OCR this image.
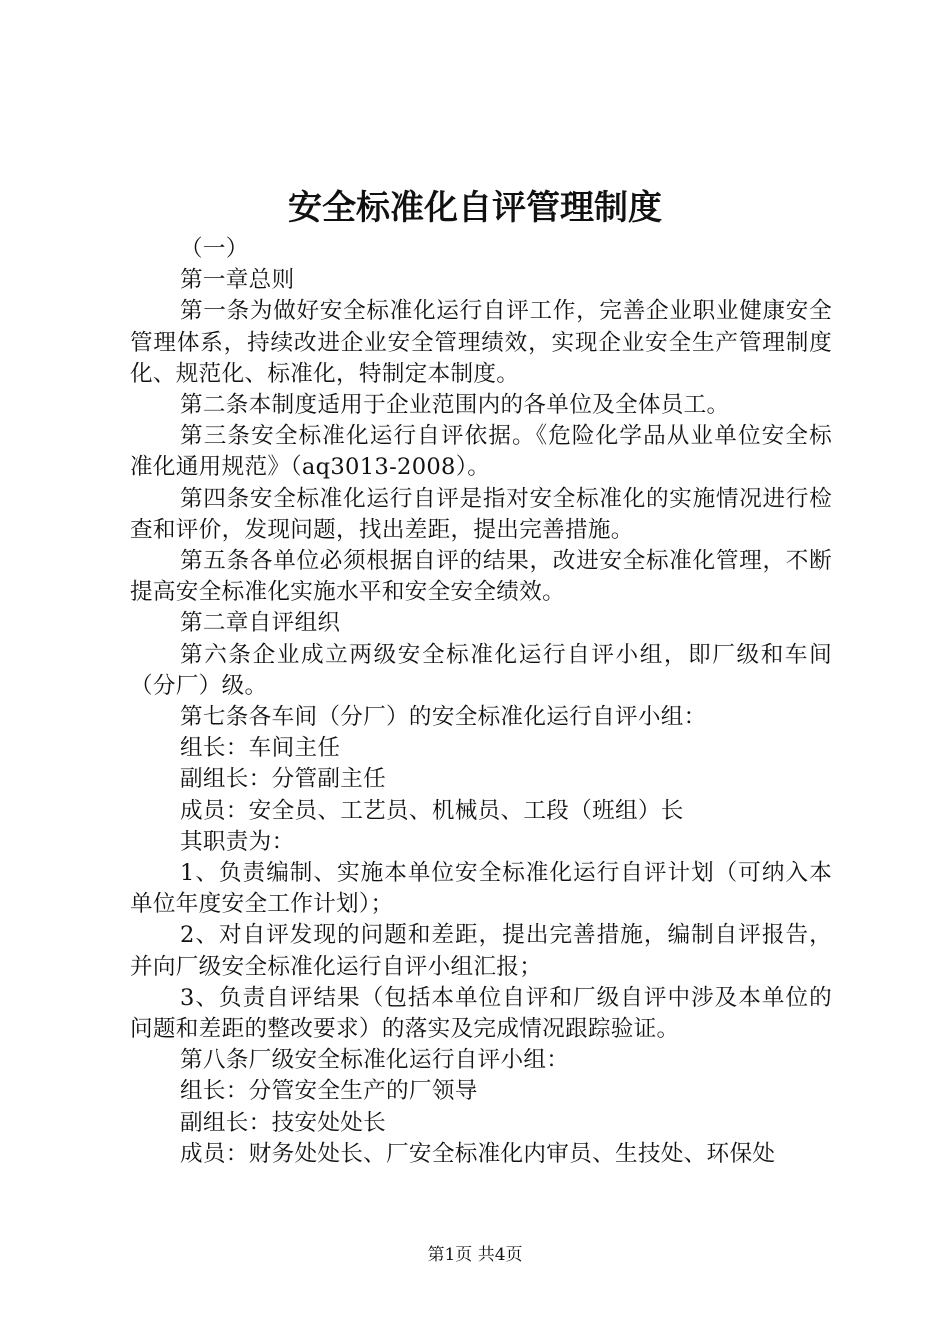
安全标准化自评管理制度

（一）

第一章总则

第一条为做好安全标准化运行自评工作，完善企业职业健康安全管理体系，持续改进企业安全管理绩效，实现企业安全生产管理制度化、规范化、标准化，特制定本制度。

第二条本制度适用于企业范围内的各单位及全体员工。

第三条安全标准化运行自评依据。《危险化学品从业单位安全标准化通用规范》（aq3013-2008）。

第四条安全标准化运行自评是指对安全标准化的实施情况进行检查和评价，发现问题，找出差距，提出完善措施。

第五条各单位必须根据自评的结果，改进安全标准化管理，不断提高安全标准化实施水平和安全安全绩效。

第二章自评组织

第六条企业成立两级安全标准化运行自评小组，即厂级和车间（分厂）级。

第七条各车间（分厂）的安全标准化运行自评小组：

组长：车间主任

副组长：分管副主任

成员：安全员、工艺员、机械员、工段（班组）长

其职责为：

1、负责编制、实施本单位安全标准化运行自评计划（可纳入本单位年度安全工作计划）；

2、对自评发现的问题和差距，提出完善措施，编制自评报告，并向厂级安全标准化运行自评小组汇报；

3、负责自评结果（包括本单位自评和厂级自评中涉及本单位的问题和差距的整改要求）的落实及完成情况跟踪验证。

第八条厂级安全标准化运行自评小组：

组长：分管安全生产的厂领导

副组长：技安处处长

成员：财务处处长、厂安全标准化内审员、生技处、环保处

第1页 共4页
